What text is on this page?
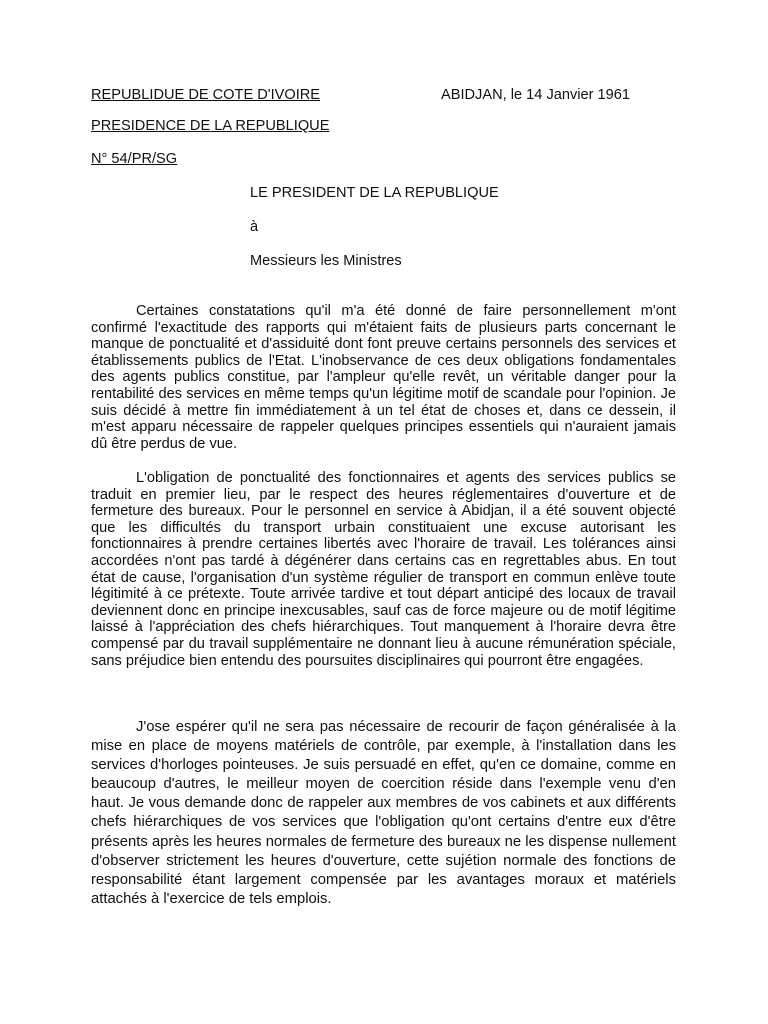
REPUBLIDUE DE COTE D'IVOIRE	ABIDJAN, le 14 Janvier 1961
PRESIDENCE DE LA REPUBLIQUE
N° 54/PR/SG
LE PRESIDENT DE LA REPUBLIQUE
à
Messieurs les Ministres

Certaines constatations qu'il m'a été donné de faire personnellement m'ont confirmé l'exactitude des rapports qui m'étaient faits de plusieurs parts concernant le manque de ponctualité et d'assiduité dont font preuve certains personnels des services et établissements publics de l'Etat. L'inobservance de ces deux obligations fondamentales des agents publics constitue, par l'ampleur qu'elle revêt, un véritable danger pour la rentabilité des services en même temps qu'un légitime motif de scandale pour l'opinion. Je suis décidé à mettre fin immédiatement à un tel état de choses et, dans ce dessein, il m'est apparu nécessaire de rappeler quelques principes essentiels qui n'auraient jamais dû être perdus de vue.

L'obligation de ponctualité des fonctionnaires et agents des services publics se traduit en premier lieu, par le respect des heures réglementaires d'ouverture et de fermeture des bureaux. Pour le personnel en service à Abidjan, il a été souvent objecté que les difficultés du transport urbain constituaient une excuse autorisant les fonctionnaires à prendre certaines libertés avec l'horaire de travail. Les tolérances ainsi accordées n'ont pas tardé à dégénérer dans certains cas en regrettables abus. En tout état de cause, l'organisation d'un système régulier de transport en commun enlève toute légitimité à ce prétexte. Toute arrivée tardive et tout départ anticipé des locaux de travail deviennent donc en principe inexcusables, sauf cas de force majeure ou de motif légitime laissé à l'appréciation des chefs hiérarchiques. Tout manquement à l'horaire devra être compensé par du travail supplémentaire ne donnant lieu à aucune rémunération spéciale, sans préjudice bien entendu des poursuites disciplinaires qui pourront être engagées.

J'ose espérer qu'il ne sera pas nécessaire de recourir de façon généralisée à la mise en place de moyens matériels de contrôle, par exemple, à l'installation dans les services d'horloges pointeuses. Je suis persuadé en effet, qu'en ce domaine, comme en beaucoup d'autres, le meilleur moyen de coercition réside dans l'exemple venu d'en haut. Je vous demande donc de rappeler aux membres de vos cabinets et aux différents chefs hiérarchiques de vos services que l'obligation qu'ont certains d'entre eux d'être présents après les heures normales de fermeture des bureaux ne les dispense nullement d'observer strictement les heures d'ouverture, cette sujétion normale des fonctions de responsabilité étant largement compensée par les avantages moraux et matériels attachés à l'exercice de tels emplois.
